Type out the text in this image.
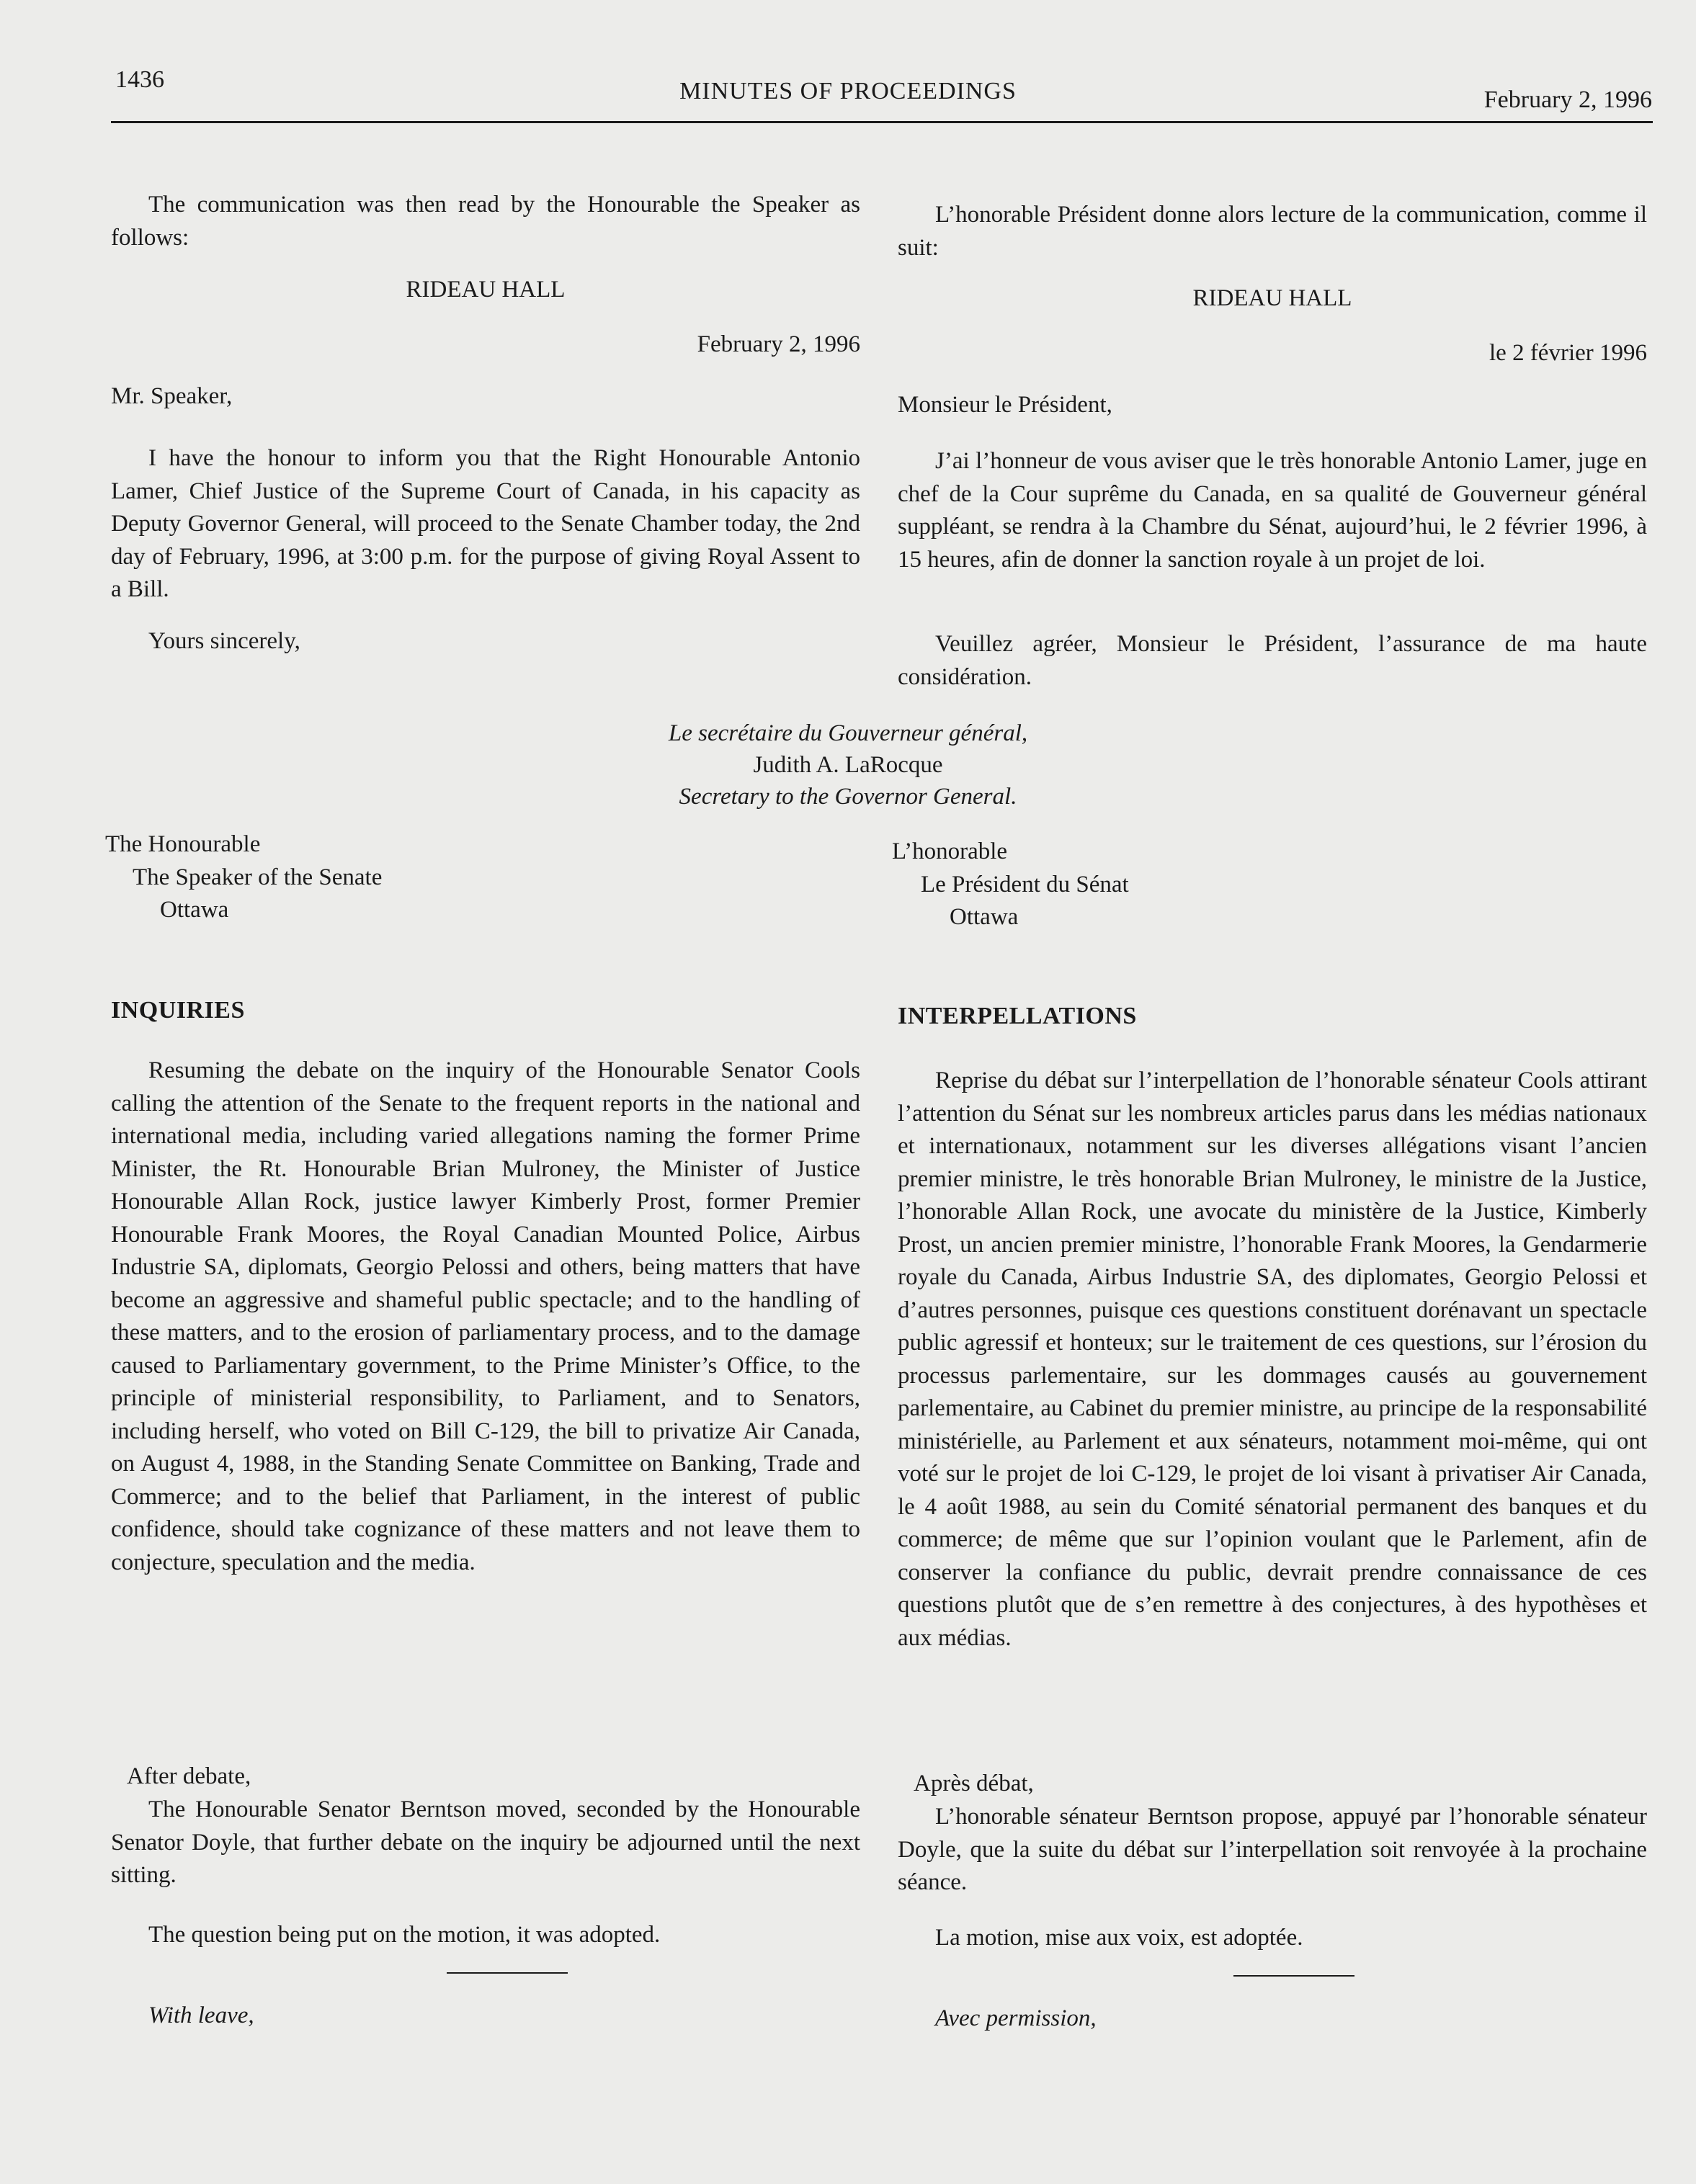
1436	MINUTES OF PROCEEDINGS	February 2, 1996

The communication was then read by the Honourable the Speaker as follows:

RIDEAU HALL

February 2, 1996

Mr. Speaker,

I have the honour to inform you that the Right Honourable Antonio Lamer, Chief Justice of the Supreme Court of Canada, in his capacity as Deputy Governor General, will proceed to the Senate Chamber today, the 2nd day of February, 1996, at 3:00 p.m. for the purpose of giving Royal Assent to a Bill.

Yours sincerely,

L’honorable Président donne alors lecture de la communication, comme il suit:

RIDEAU HALL

le 2 février 1996

Monsieur le Président,

J’ai l’honneur de vous aviser que le très honorable Antonio Lamer, juge en chef de la Cour suprême du Canada, en sa qualité de Gouverneur général suppléant, se rendra à la Chambre du Sénat, aujourd’hui, le 2 février 1996, à 15 heures, afin de donner la sanction royale à un projet de loi.

Veuillez agréer, Monsieur le Président, l’assurance de ma haute considération.

Le secrétaire du Gouverneur général,
Judith A. LaRocque
Secretary to the Governor General.
The Honourable
The Speaker of the Senate
Ottawa
L’honorable
Le Président du Sénat
Ottawa

INQUIRIES	INTERPELLATIONS

Resuming the debate on the inquiry of the Honourable Senator Cools calling the attention of the Senate to the frequent reports in the national and international media, including varied allegations naming the former Prime Minister, the Rt. Honourable Brian Mulroney, the Minister of Justice Honourable Allan Rock, justice lawyer Kimberly Prost, former Premier Honourable Frank Moores, the Royal Canadian Mounted Police, Airbus Industrie SA, diplomats, Georgio Pelossi and others, being matters that have become an aggressive and shameful public spectacle; and to the handling of these matters, and to the erosion of parliamentary process, and to the damage caused to Parliamentary government, to the Prime Minister’s Office, to the principle of ministerial responsibility, to Parliament, and to Senators, including herself, who voted on Bill C-129, the bill to privatize Air Canada, on August 4, 1988, in the Standing Senate Committee on Banking, Trade and Commerce; and to the belief that Parliament, in the interest of public confidence, should take cognizance of these matters and not leave them to conjecture, speculation and the media.

Reprise du débat sur l’interpellation de l’honorable sénateur Cools attirant l’attention du Sénat sur les nombreux articles parus dans les médias nationaux et internationaux, notamment sur les diverses allégations visant l’ancien premier ministre, le très honorable Brian Mulroney, le ministre de la Justice, l’honorable Allan Rock, une avocate du ministère de la Justice, Kimberly Prost, un ancien premier ministre, l’honorable Frank Moores, la Gendarmerie royale du Canada, Airbus Industrie SA, des diplomates, Georgio Pelossi et d’autres personnes, puisque ces questions constituent dorénavant un spectacle public agressif et honteux; sur le traitement de ces questions, sur l’érosion du processus parlementaire, sur les dommages causés au gouvernement parlementaire, au Cabinet du premier ministre, au principe de la responsabilité ministérielle, au Parlement et aux sénateurs, notamment moi-même, qui ont voté sur le projet de loi C-129, le projet de loi visant à privatiser Air Canada, le 4 août 1988, au sein du Comité sénatorial permanent des banques et du commerce; de même que sur l’opinion voulant que le Parlement, afin de conserver la confiance du public, devrait prendre connaissance de ces questions plutôt que de s’en remettre à des conjectures, à des hypothèses et aux médias.

After debate,

The Honourable Senator Berntson moved, seconded by the Honourable Senator Doyle, that further debate on the inquiry be adjourned until the next sitting.

The question being put on the motion, it was adopted.

Après débat,

L’honorable sénateur Berntson propose, appuyé par l’honorable sénateur Doyle, que la suite du débat sur l’interpellation soit renvoyée à la prochaine séance.

La motion, mise aux voix, est adoptée.

With leave,	Avec permission,
